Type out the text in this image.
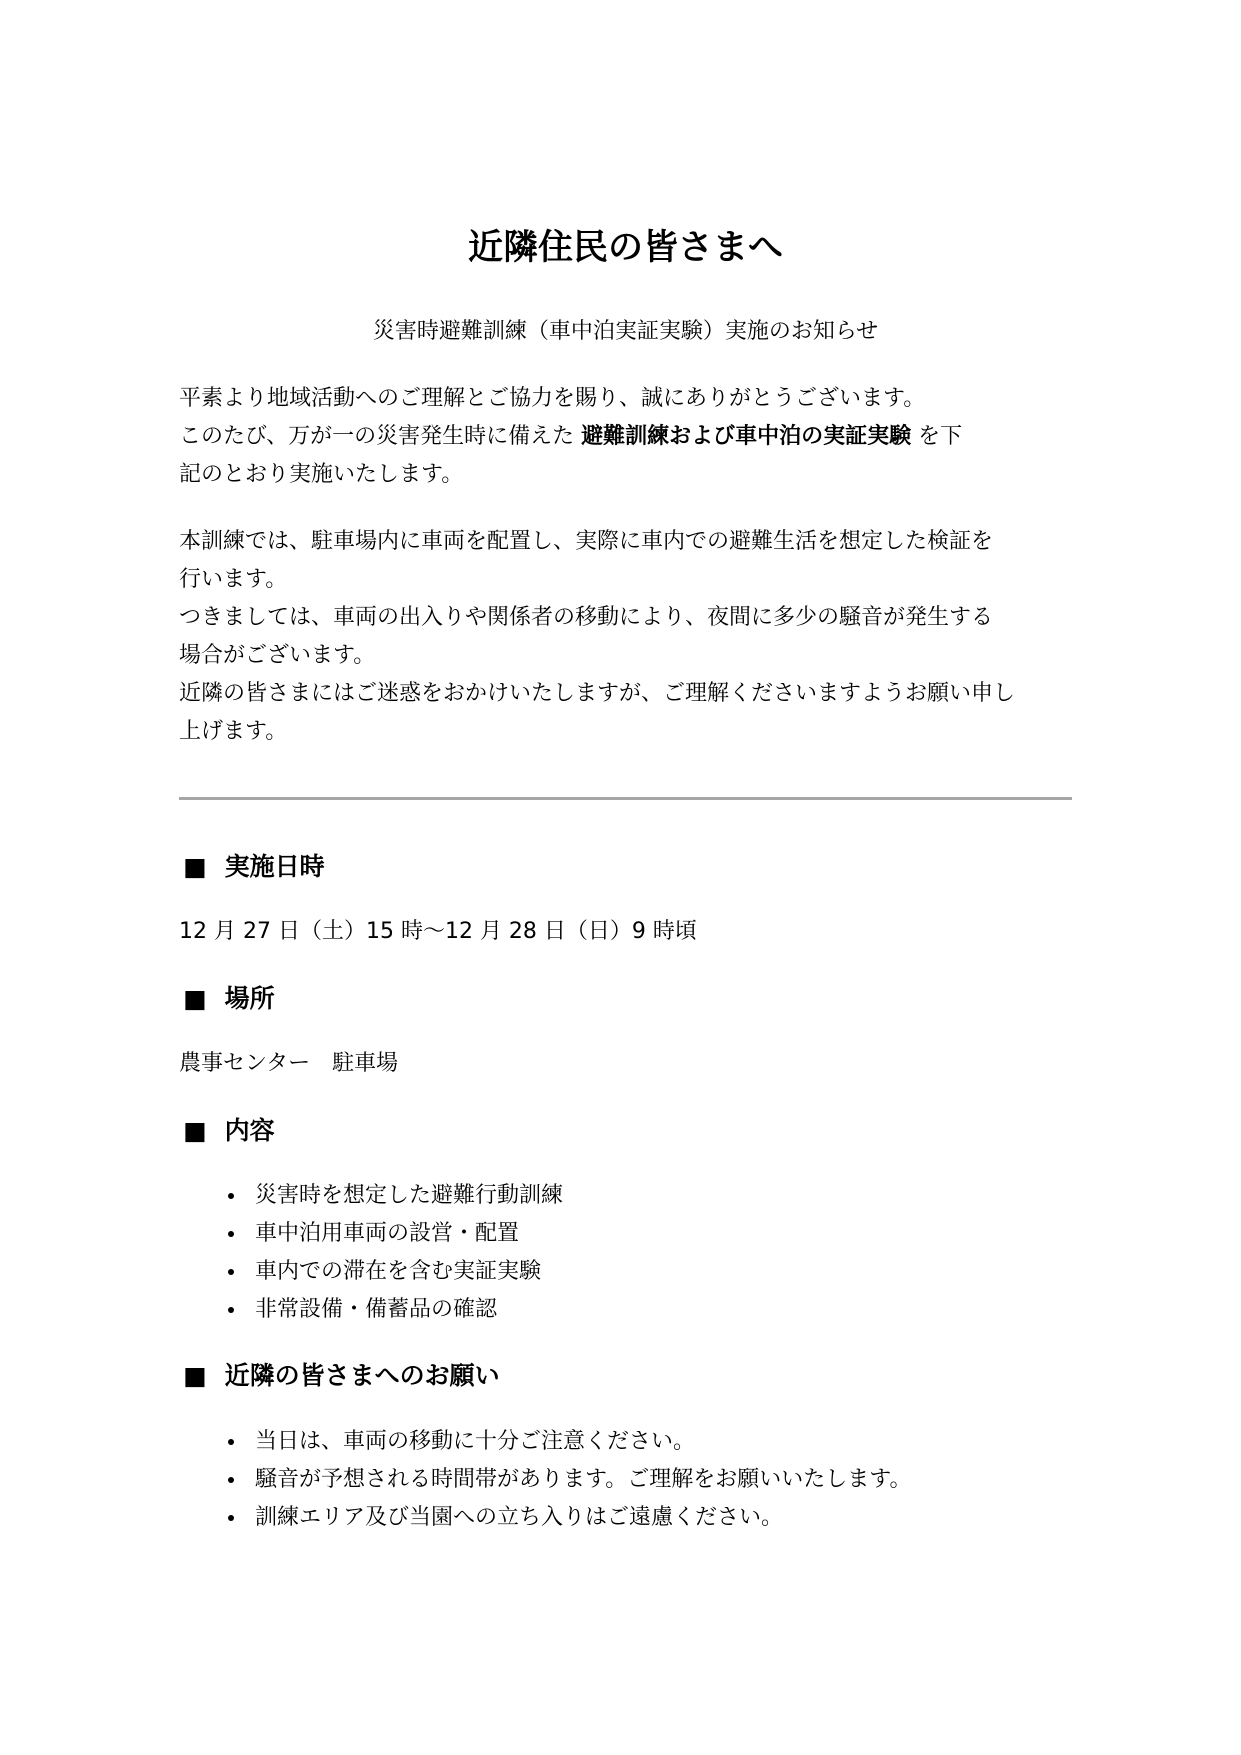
近隣住民の皆さまへ

災害時避難訓練（車中泊実証実験）実施のお知らせ

平素より地域活動へのご理解とご協力を賜り、誠にありがとうございます。
このたび、万が一の災害発生時に備えた 避難訓練および車中泊の実証実験 を下
記のとおり実施いたします。
本訓練では、駐車場内に車両を配置し、実際に車内での避難生活を想定した検証を
行います。
つきましては、車両の出入りや関係者の移動により、夜間に多少の騒音が発生する
場合がございます。
近隣の皆さまにはご迷惑をおかけいたしますが、ご理解くださいますようお願い申し
上げます。
■ 実施日時

12 月 27 日（土）15 時～12 月 28 日（日）9 時頃

■ 場所

農事センター　駐車場

■ 内容
災害時を想定した避難行動訓練
車中泊用車両の設営・配置
車内での滞在を含む実証実験
非常設備・備蓄品の確認
■ 近隣の皆さまへのお願い
当日は、車両の移動に十分ご注意ください。
騒音が予想される時間帯があります。ご理解をお願いいたします。
訓練エリア及び当園への立ち入りはご遠慮ください。
